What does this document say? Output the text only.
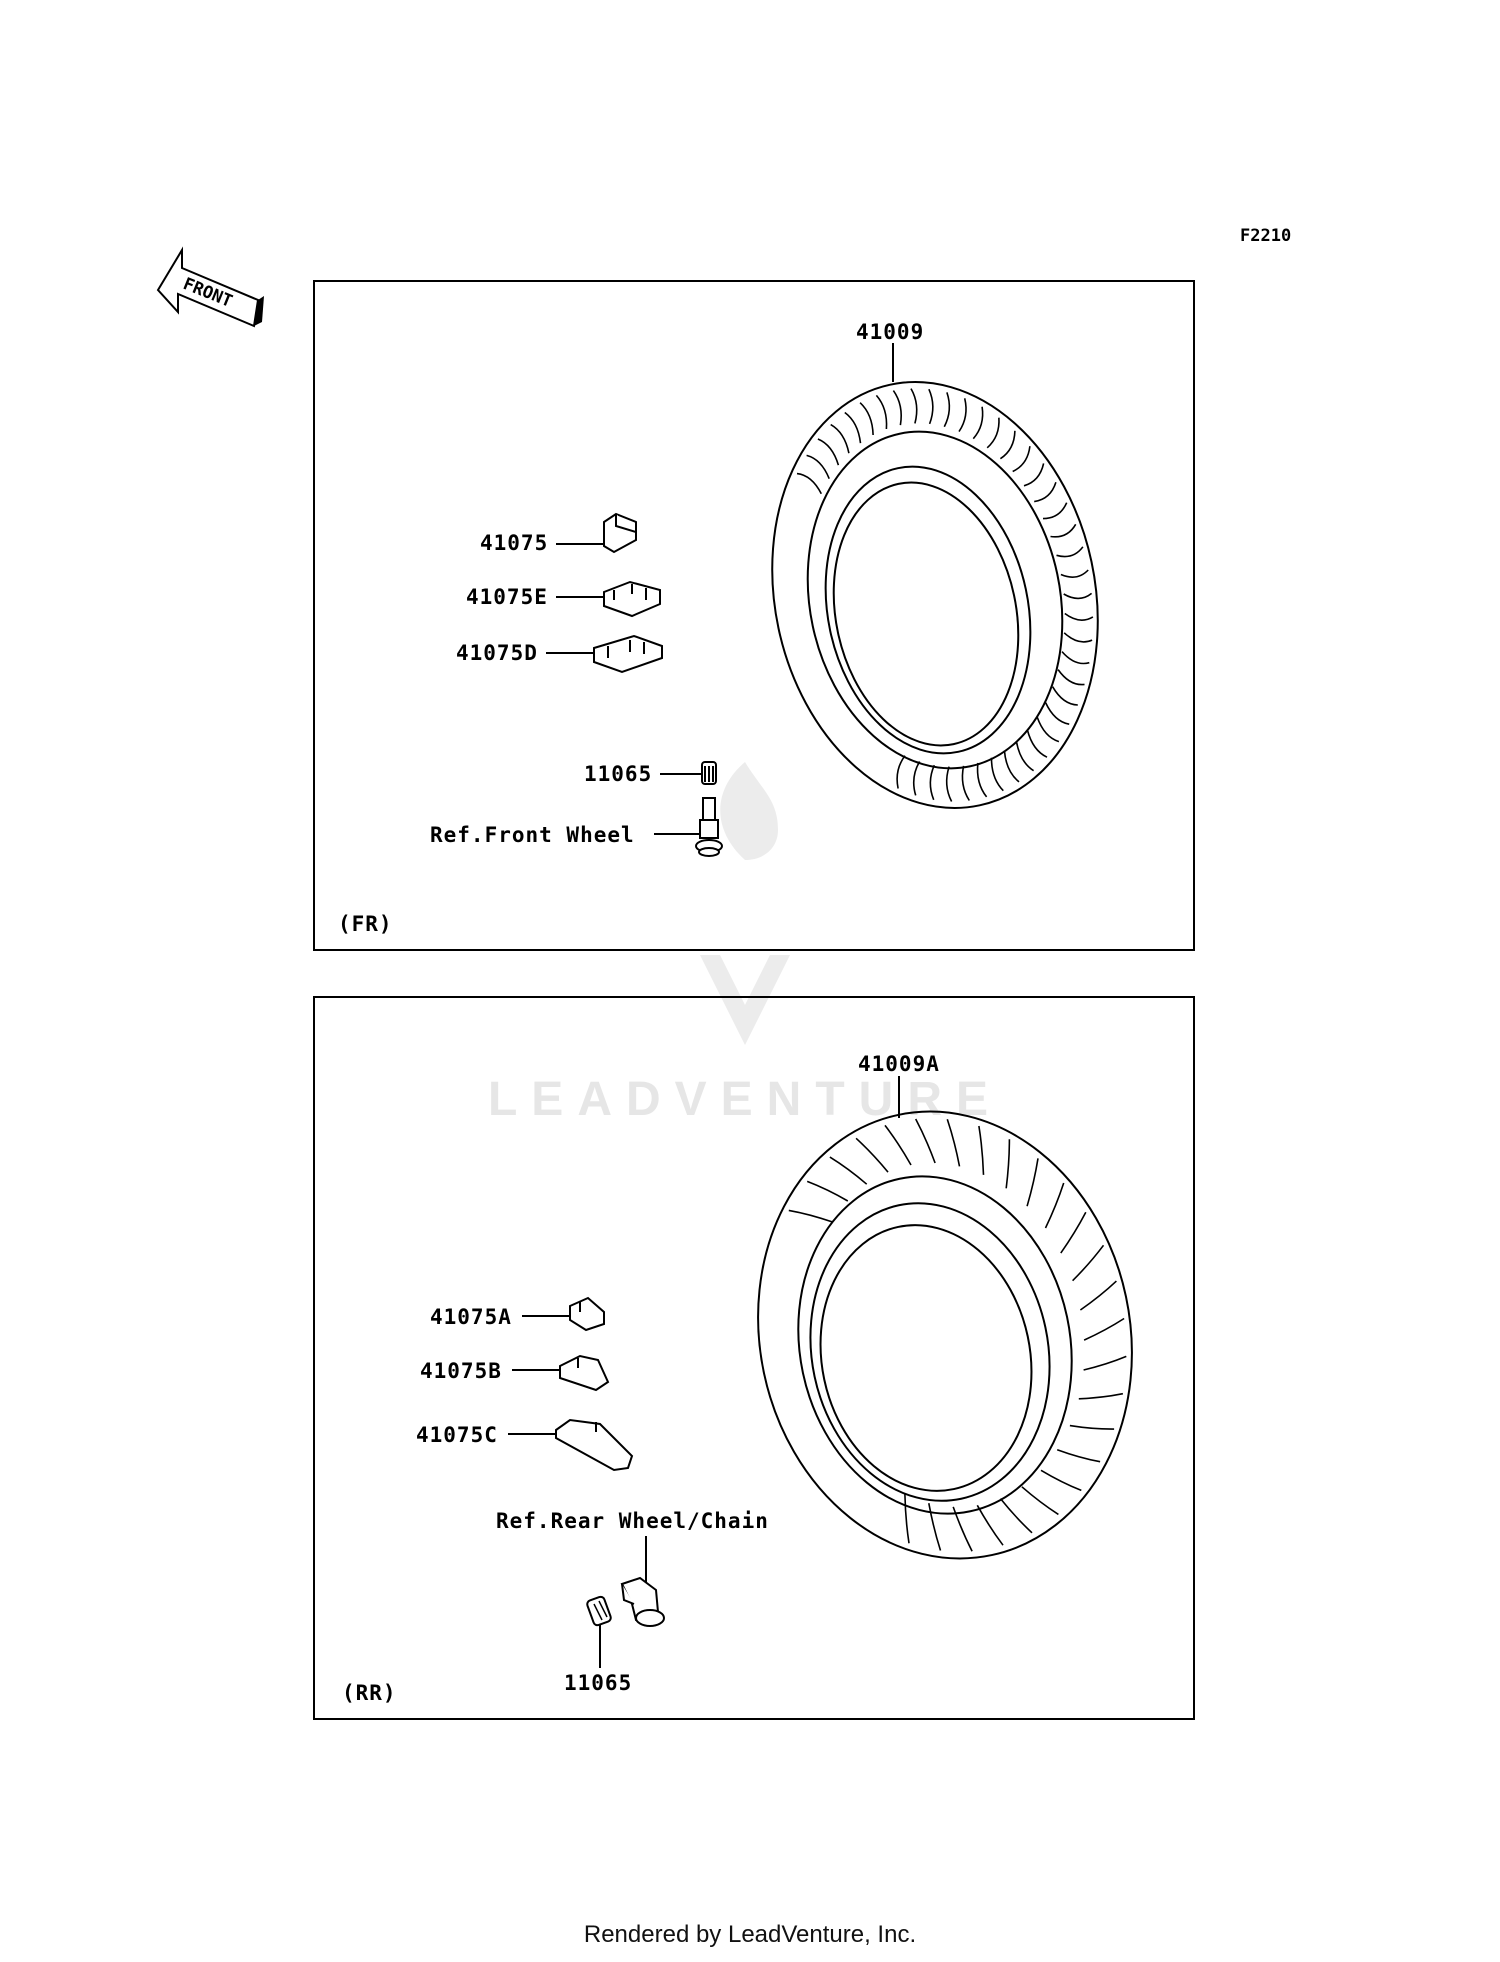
LEADVENTURE
F2210
FRONT
(FR)
41009
41075
41075E
41075D
11065
Ref.Front Wheel
(RR)
41009A
41075A
41075B
41075C
Ref.Rear Wheel/Chain
11065
Rendered by LeadVenture, Inc.
